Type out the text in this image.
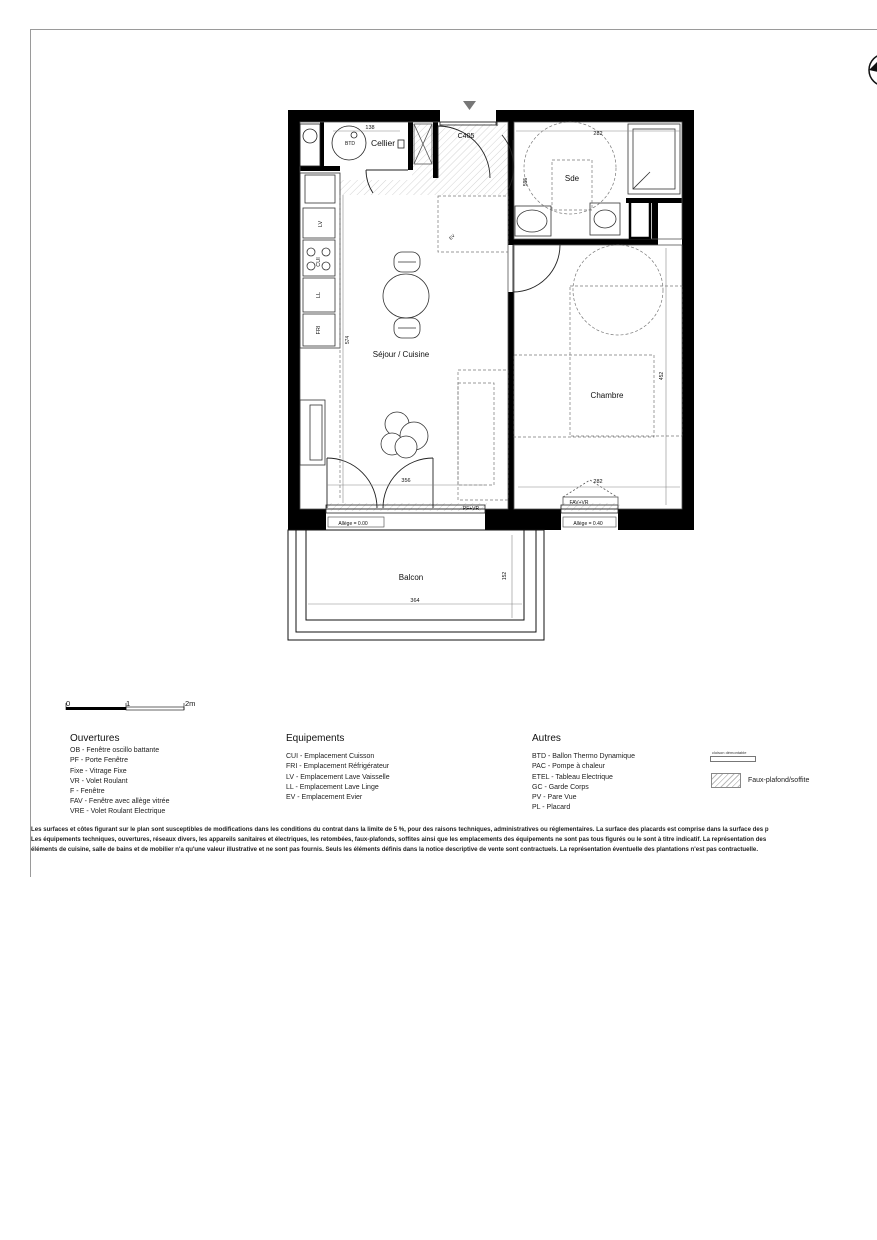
Cellier
C405
Sde
Séjour / Cuisine
Chambre
Balcon
BTD
LV
CUI
LL
FRI
EV
138
282
595
574
452
356	282
152
364
PF+VR
FAV+VR
Allège = 0.00	Allège = 0.40
0	1	2m
Ouvertures
OB - Fenêtre oscillo battante
PF - Porte Fenêtre
Fixe - Vitrage Fixe
VR - Volet Roulant
F - Fenêtre
FAV - Fenêtre avec allège vitrée
VRE - Volet Roulant Electrique
Equipements
CUI - Emplacement Cuisson
FRI - Emplacement Réfrigérateur
LV - Emplacement Lave Vaisselle
LL - Emplacement Lave Linge
EV - Emplacement Evier
Autres
BTD - Ballon Thermo Dynamique
PAC - Pompe à chaleur
ETEL - Tableau Electrique
GC - Garde Corps
PV - Pare Vue
PL - Placard
cloison démontable
Faux-plafond/soffite
Les surfaces et côtes figurant sur le plan sont susceptibles de modifications dans les conditions du contrat dans la limite de 5 %, pour des raisons techniques, administratives ou réglementaires. La surface des placards est comprise dans la surface des p
Les équipements techniques, ouvertures, réseaux divers, les appareils sanitaires et électriques, les retombées, faux-plafonds, soffites ainsi que les emplacements des équipements ne sont pas tous figurés ou le sont à titre indicatif. La représentation des
éléments de cuisine, salle de bains et de mobilier n'a qu'une valeur illustrative et ne sont pas fournis. Seuls les éléments définis dans la notice descriptive de vente sont contractuels. La représentation éventuelle des plantations n'est pas contractuelle.
